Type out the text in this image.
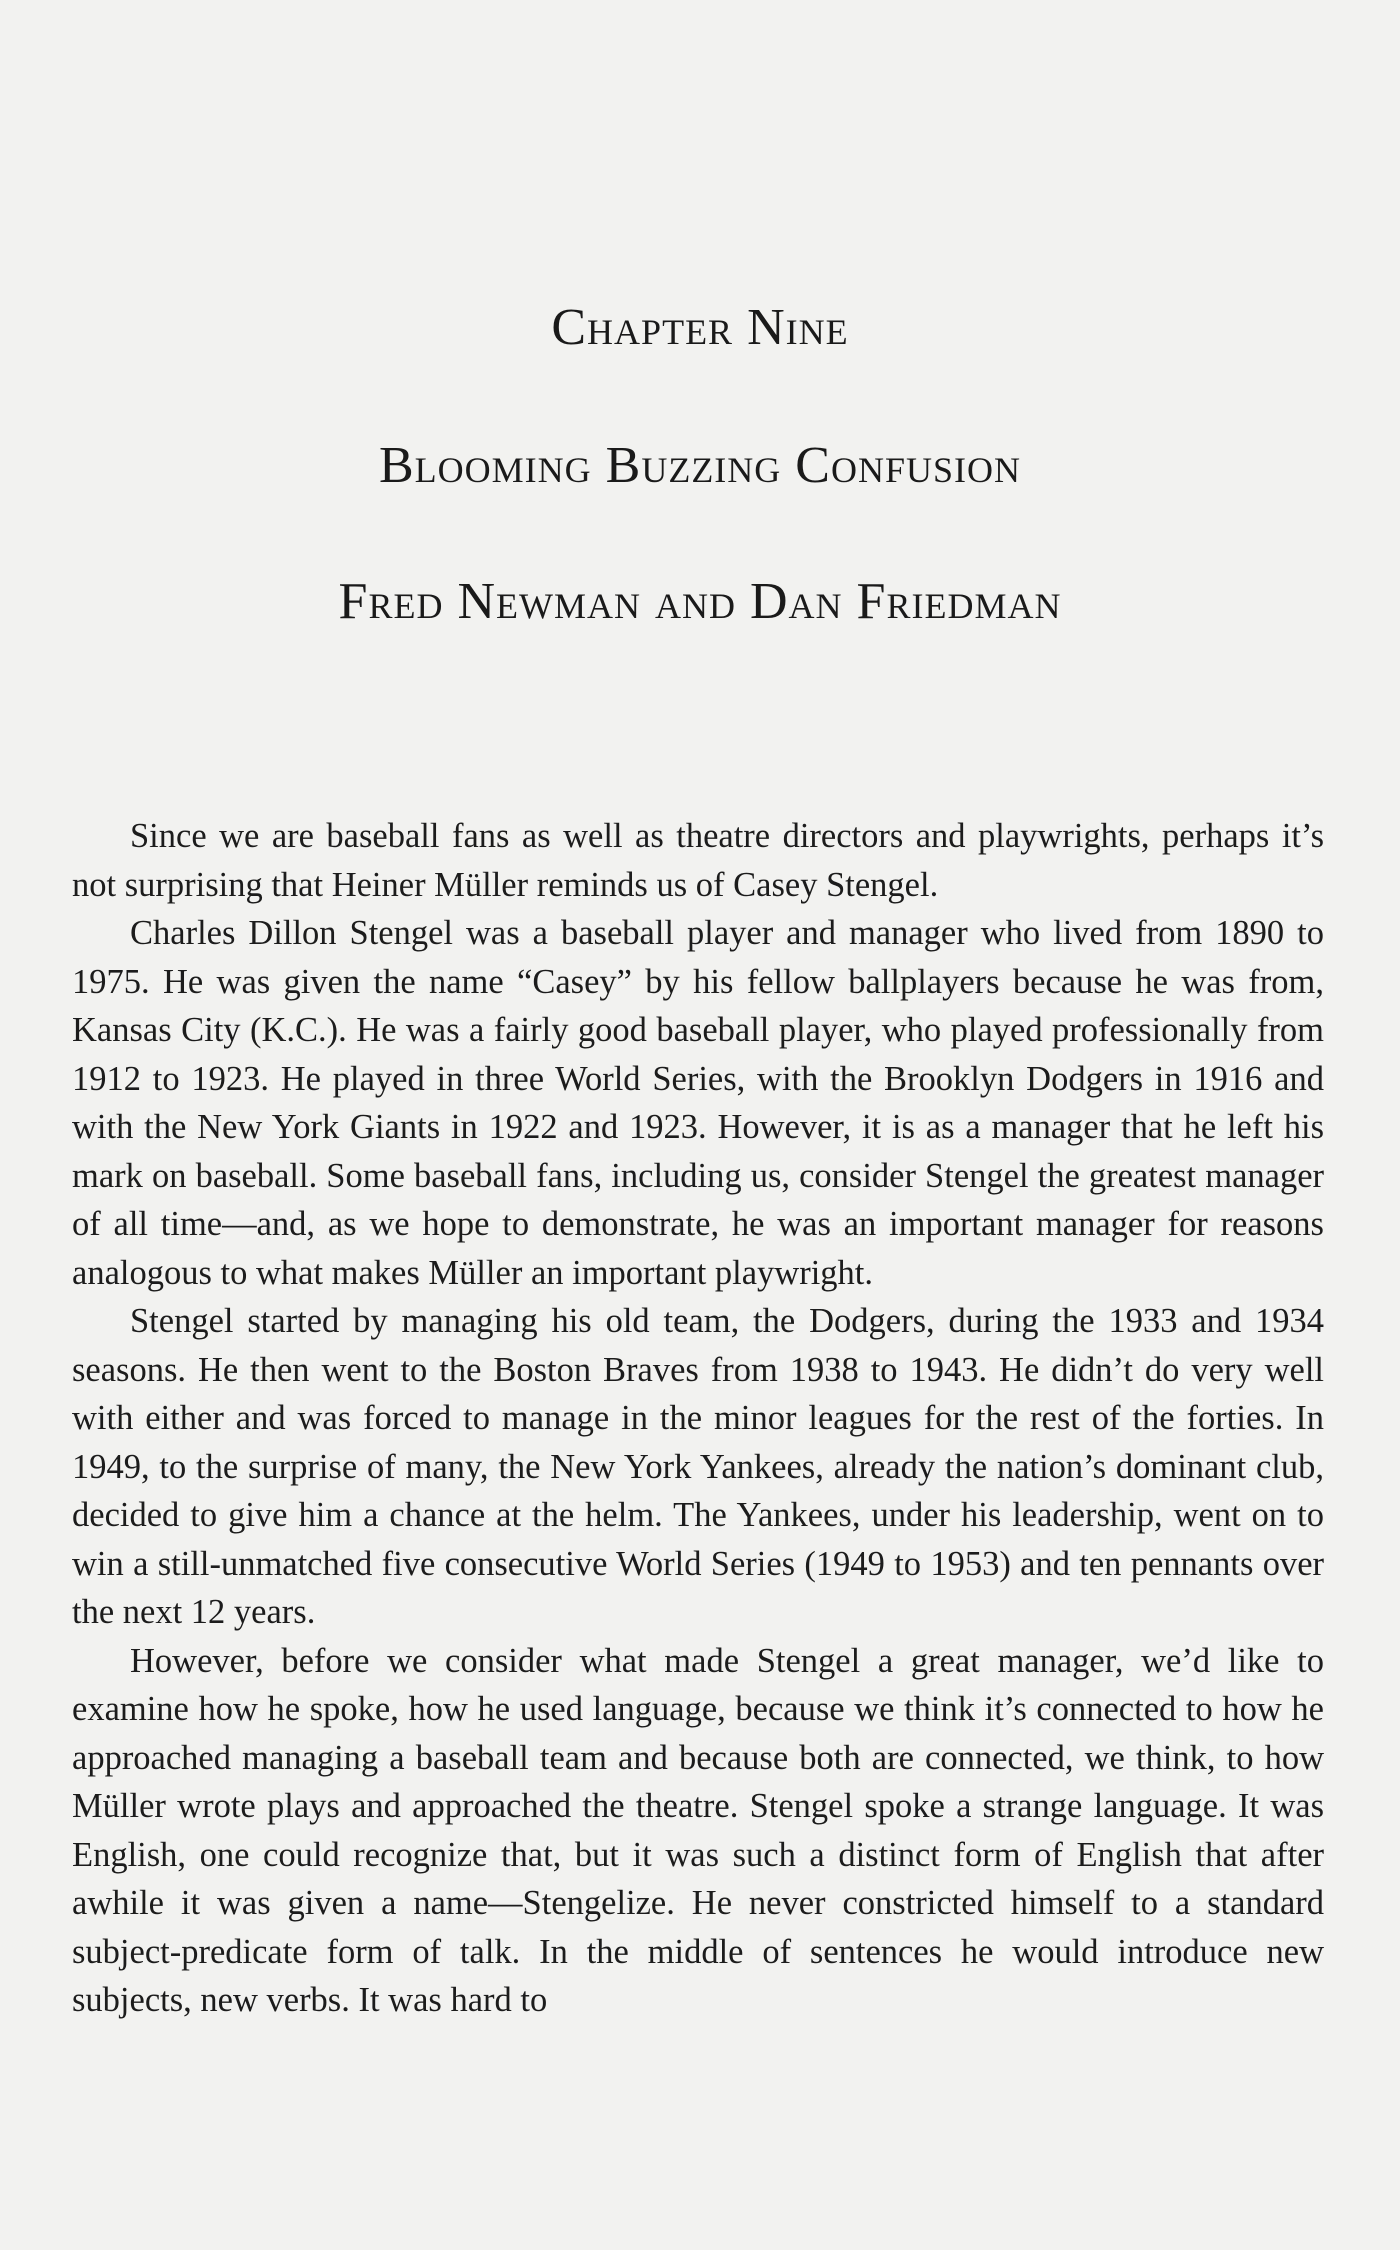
Chapter Nine
Blooming Buzzing Confusion
Fred Newman and Dan Friedman

Since we are baseball fans as well as theatre directors and playwrights, perhaps it’s not surprising that Heiner Müller reminds us of Casey Stengel.

Charles Dillon Stengel was a baseball player and manager who lived from 1890 to 1975. He was given the name “Casey” by his fellow ballplayers because he was from, Kansas City (K.C.). He was a fairly good baseball player, who played professionally from 1912 to 1923. He played in three World Series, with the Brooklyn Dodgers in 1916 and with the New York Giants in 1922 and 1923. However, it is as a manager that he left his mark on baseball. Some baseball fans, including us, consider Stengel the greatest manager of all time—and, as we hope to demonstrate, he was an important manager for reasons analogous to what makes Müller an important playwright.

Stengel started by managing his old team, the Dodgers, during the 1933 and 1934 seasons. He then went to the Boston Braves from 1938 to 1943. He didn’t do very well with either and was forced to manage in the minor leagues for the rest of the forties. In 1949, to the surprise of many, the New York Yankees, already the nation’s dominant club, decided to give him a chance at the helm. The Yankees, under his leadership, went on to win a still-unmatched five consecutive World Series (1949 to 1953) and ten pennants over the next 12 years.

However, before we consider what made Stengel a great manager, we’d like to examine how he spoke, how he used language, because we think it’s connected to how he approached managing a baseball team and because both are connected, we think, to how Müller wrote plays and approached the theatre. Stengel spoke a strange language. It was English, one could recognize that, but it was such a distinct form of English that after awhile it was given a name—Stengelize. He never constricted himself to a standard subject-predicate form of talk. In the middle of sentences he would introduce new subjects, new verbs. It was hard to
